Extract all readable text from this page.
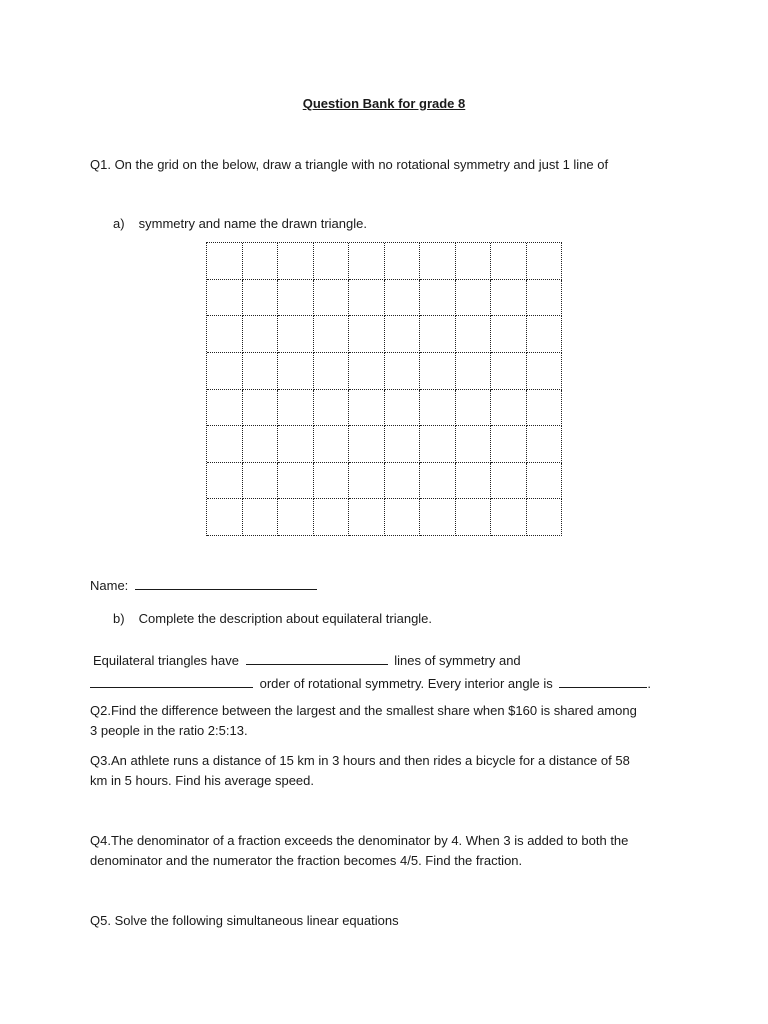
Question Bank for grade 8
Q1. On the grid on the below, draw a triangle with no rotational symmetry and just 1 line of
a) symmetry and name the drawn triangle.
Name:
b) Complete the description about equilateral triangle.
Equilateral triangles have	lines of symmetry and
order of rotational symmetry. Every interior angle is	.
Q2.Find the difference between the largest and the smallest share when $160 is shared among
3 people in the ratio 2:5:13.
Q3.An athlete runs a distance of 15 km in 3 hours and then rides a bicycle for a distance of 58
km in 5 hours. Find his average speed.
Q4.The denominator of a fraction exceeds the denominator by 4. When 3 is added to both the
denominator and the numerator the fraction becomes 4/5. Find the fraction.
Q5. Solve the following simultaneous linear equations
